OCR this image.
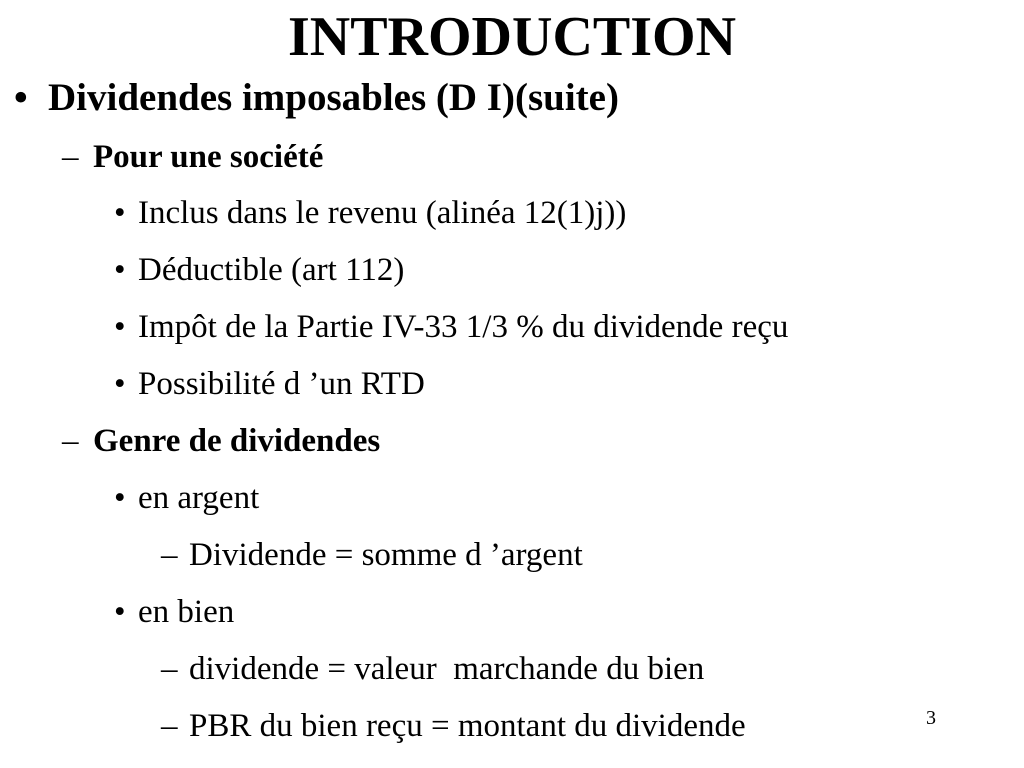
INTRODUCTION
• Dividendes imposables (D I)(suite)
– Pour une société
• Inclus dans le revenu (alinéa 12(1)j))
• Déductible (art 112)
• Impôt de la Partie IV-33 1/3 % du dividende reçu
• Possibilité d ’un RTD
– Genre de dividendes
• en argent
– Dividende = somme d ’argent
• en bien
– dividende = valeur  marchande du bien
– PBR du bien reçu = montant du dividende	3
